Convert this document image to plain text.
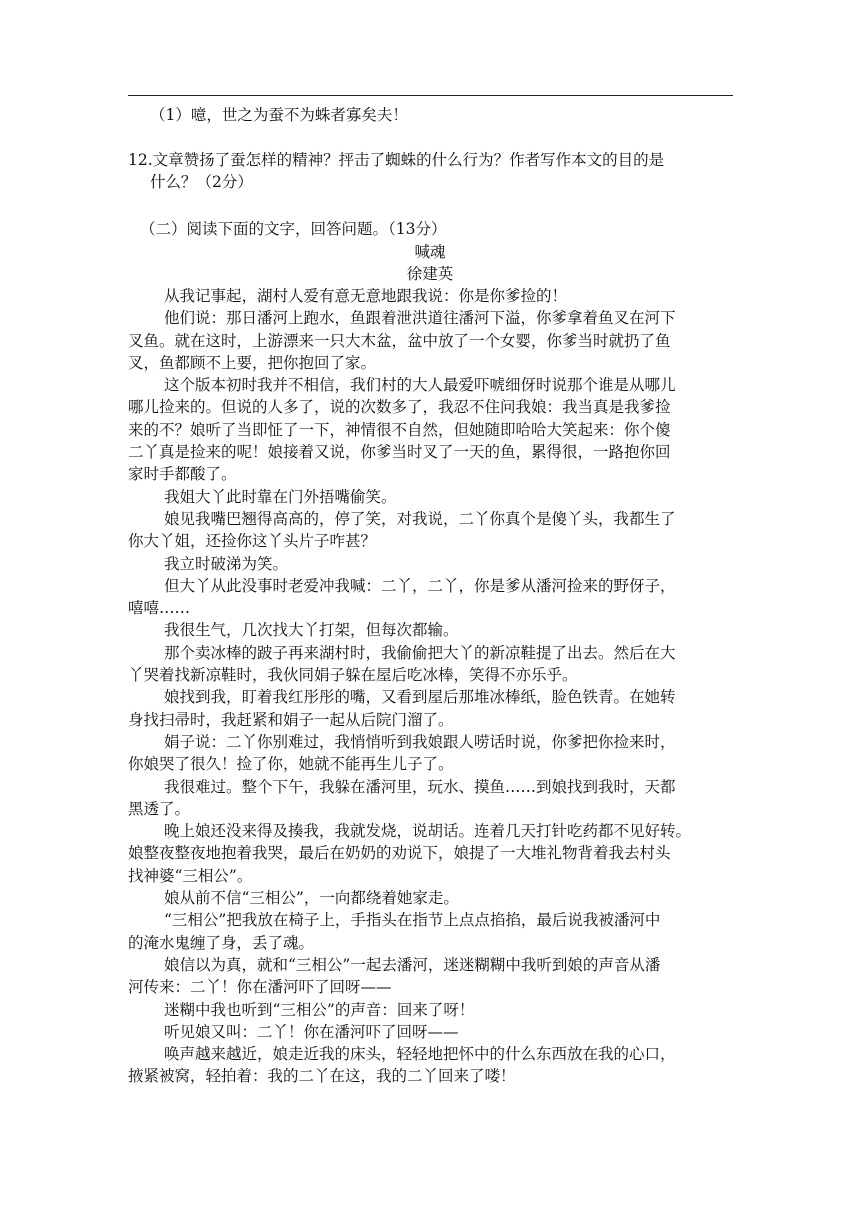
（1）噫，世之为蚕不为蛛者寡矣夫！
12.文章赞扬了蚕怎样的精神？抨击了蜘蛛的什么行为？作者写作本文的目的是
什么？（2分）
（二）阅读下面的文字，回答问题。（13分）
喊魂
徐建英
从我记事起，湖村人爱有意无意地跟我说：你是你爹捡的！
他们说：那日潘河上跑水，鱼跟着泄洪道往潘河下溢，你爹拿着鱼叉在河下
叉鱼。就在这时，上游漂来一只大木盆，盆中放了一个女婴，你爹当时就扔了鱼
叉，鱼都顾不上要，把你抱回了家。
这个版本初时我并不相信，我们村的大人最爱吓唬细伢时说那个谁是从哪儿
哪儿捡来的。但说的人多了，说的次数多了，我忍不住问我娘：我当真是我爹捡
来的不？娘听了当即怔了一下，神情很不自然，但她随即哈哈大笑起来：你个傻
二丫真是捡来的呢！娘接着又说，你爹当时叉了一天的鱼，累得很，一路抱你回
家时手都酸了。
我姐大丫此时靠在门外捂嘴偷笑。
娘见我嘴巴翘得高高的，停了笑，对我说，二丫你真个是傻丫头，我都生了
你大丫姐，还捡你这丫头片子咋甚？
我立时破涕为笑。
但大丫从此没事时老爱冲我喊：二丫，二丫，你是爹从潘河捡来的野伢子，
嘻嘻……
我很生气，几次找大丫打架，但每次都输。
那个卖冰棒的跛子再来湖村时，我偷偷把大丫的新凉鞋提了出去。然后在大
丫哭着找新凉鞋时，我伙同娟子躲在屋后吃冰棒，笑得不亦乐乎。
娘找到我，盯着我红彤彤的嘴，又看到屋后那堆冰棒纸，脸色铁青。在她转
身找扫帚时，我赶紧和娟子一起从后院门溜了。
娟子说：二丫你别难过，我悄悄听到我娘跟人唠话时说，你爹把你捡来时，
你娘哭了很久！捡了你，她就不能再生儿子了。
我很难过。整个下午，我躲在潘河里，玩水、摸鱼……到娘找到我时，天都
黑透了。
晚上娘还没来得及揍我，我就发烧，说胡话。连着几天打针吃药都不见好转。
娘整夜整夜地抱着我哭，最后在奶奶的劝说下，娘提了一大堆礼物背着我去村头
找神婆“三相公”。
娘从前不信“三相公”，一向都绕着她家走。
“三相公”把我放在椅子上，手指头在指节上点点掐掐，最后说我被潘河中
的淹水鬼缠了身，丢了魂。
娘信以为真，就和“三相公”一起去潘河，迷迷糊糊中我听到娘的声音从潘
河传来：二丫！你在潘河吓了回呀——
迷糊中我也听到“三相公”的声音：回来了呀！
听见娘又叫：二丫！你在潘河吓了回呀——
唤声越来越近，娘走近我的床头，轻轻地把怀中的什么东西放在我的心口，
掖紧被窝，轻拍着：我的二丫在这，我的二丫回来了喽！
